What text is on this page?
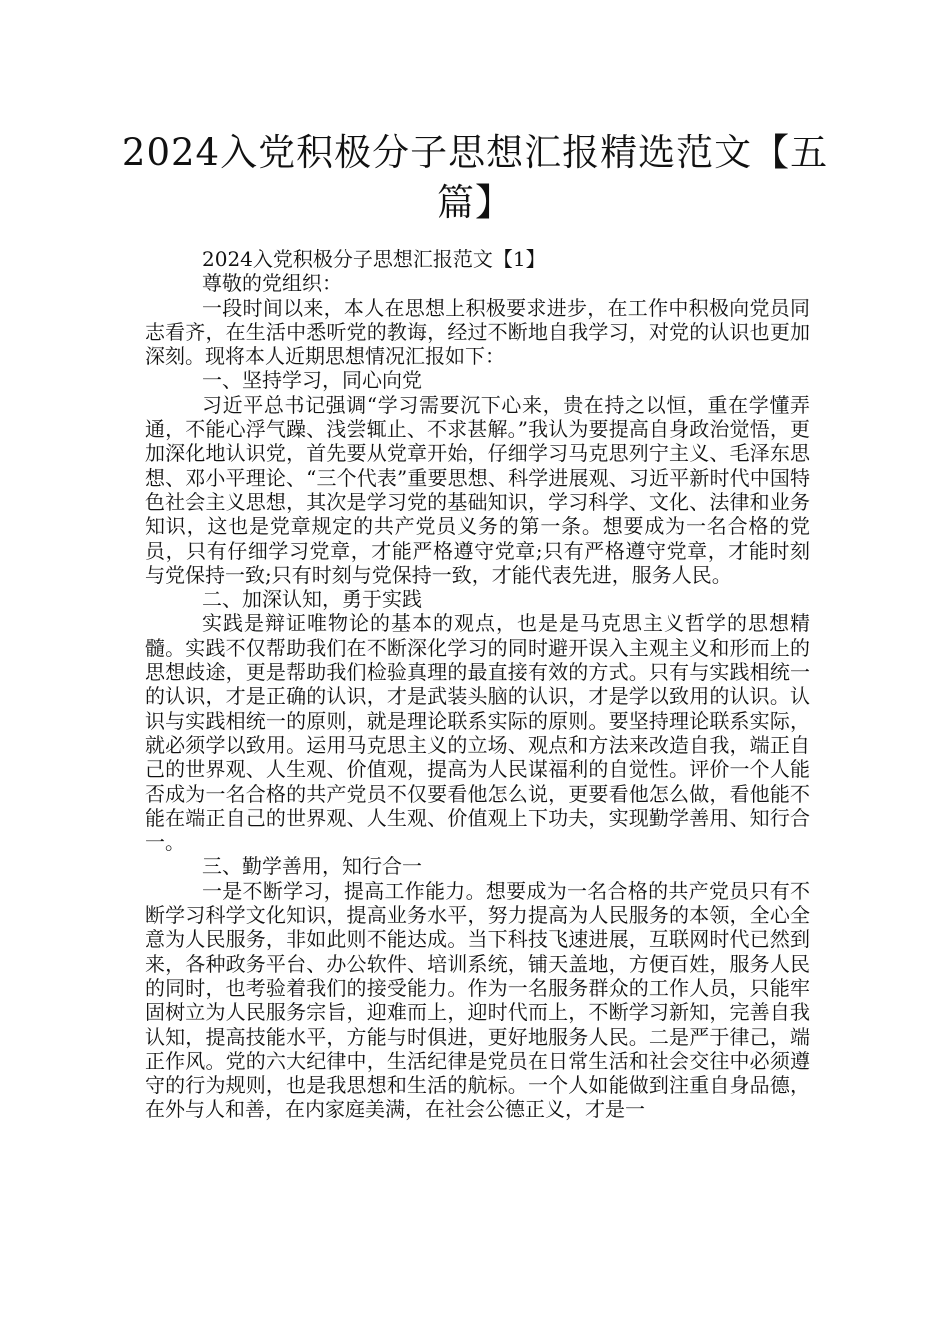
2024入党积极分子思想汇报精选范文【五篇】

2024入党积极分子思想汇报范文【1】

尊敬的党组织：

一段时间以来，本人在思想上积极要求进步，在工作中积极向党员同志看齐，在生活中悉听党的教诲，经过不断地自我学习，对党的认识也更加深刻。现将本人近期思想情况汇报如下：

一、坚持学习，同心向党

习近平总书记强调“学习需要沉下心来，贵在持之以恒，重在学懂弄通，不能心浮气躁、浅尝辄止、不求甚解。”我认为要提高自身政治觉悟，更加深化地认识党，首先要从党章开始，仔细学习马克思列宁主义、毛泽东思想、邓小平理论、“三个代表”重要思想、科学进展观、习近平新时代中国特色社会主义思想，其次是学习党的基础知识，学习科学、文化、法律和业务知识，这也是党章规定的共产党员义务的第一条。想要成为一名合格的党员，只有仔细学习党章，才能严格遵守党章;只有严格遵守党章，才能时刻与党保持一致;只有时刻与党保持一致，才能代表先进，服务人民。

二、加深认知，勇于实践

实践是辩证唯物论的基本的观点，也是是马克思主义哲学的思想精髓。实践不仅帮助我们在不断深化学习的同时避开误入主观主义和形而上的思想歧途，更是帮助我们检验真理的最直接有效的方式。只有与实践相统一的认识，才是正确的认识，才是武装头脑的认识，才是学以致用的认识。认识与实践相统一的原则，就是理论联系实际的原则。要坚持理论联系实际，就必须学以致用。运用马克思主义的立场、观点和方法来改造自我，端正自己的世界观、人生观、价值观，提高为人民谋福利的自觉性。评价一个人能否成为一名合格的共产党员不仅要看他怎么说，更要看他怎么做，看他能不能在端正自己的世界观、人生观、价值观上下功夫，实现勤学善用、知行合一。

三、勤学善用，知行合一

一是不断学习，提高工作能力。想要成为一名合格的共产党员只有不断学习科学文化知识，提高业务水平，努力提高为人民服务的本领，全心全意为人民服务，非如此则不能达成。当下科技飞速进展，互联网时代已然到来，各种政务平台、办公软件、培训系统，铺天盖地，方便百姓，服务人民的同时，也考验着我们的接受能力。作为一名服务群众的工作人员，只能牢固树立为人民服务宗旨，迎难而上，迎时代而上，不断学习新知，完善自我认知，提高技能水平，方能与时俱进，更好地服务人民。二是严于律己，端正作风。党的六大纪律中，生活纪律是党员在日常生活和社会交往中必须遵守的行为规则，也是我思想和生活的航标。一个人如能做到注重自身品德，在外与人和善，在内家庭美满，在社会公德正义，才是一
